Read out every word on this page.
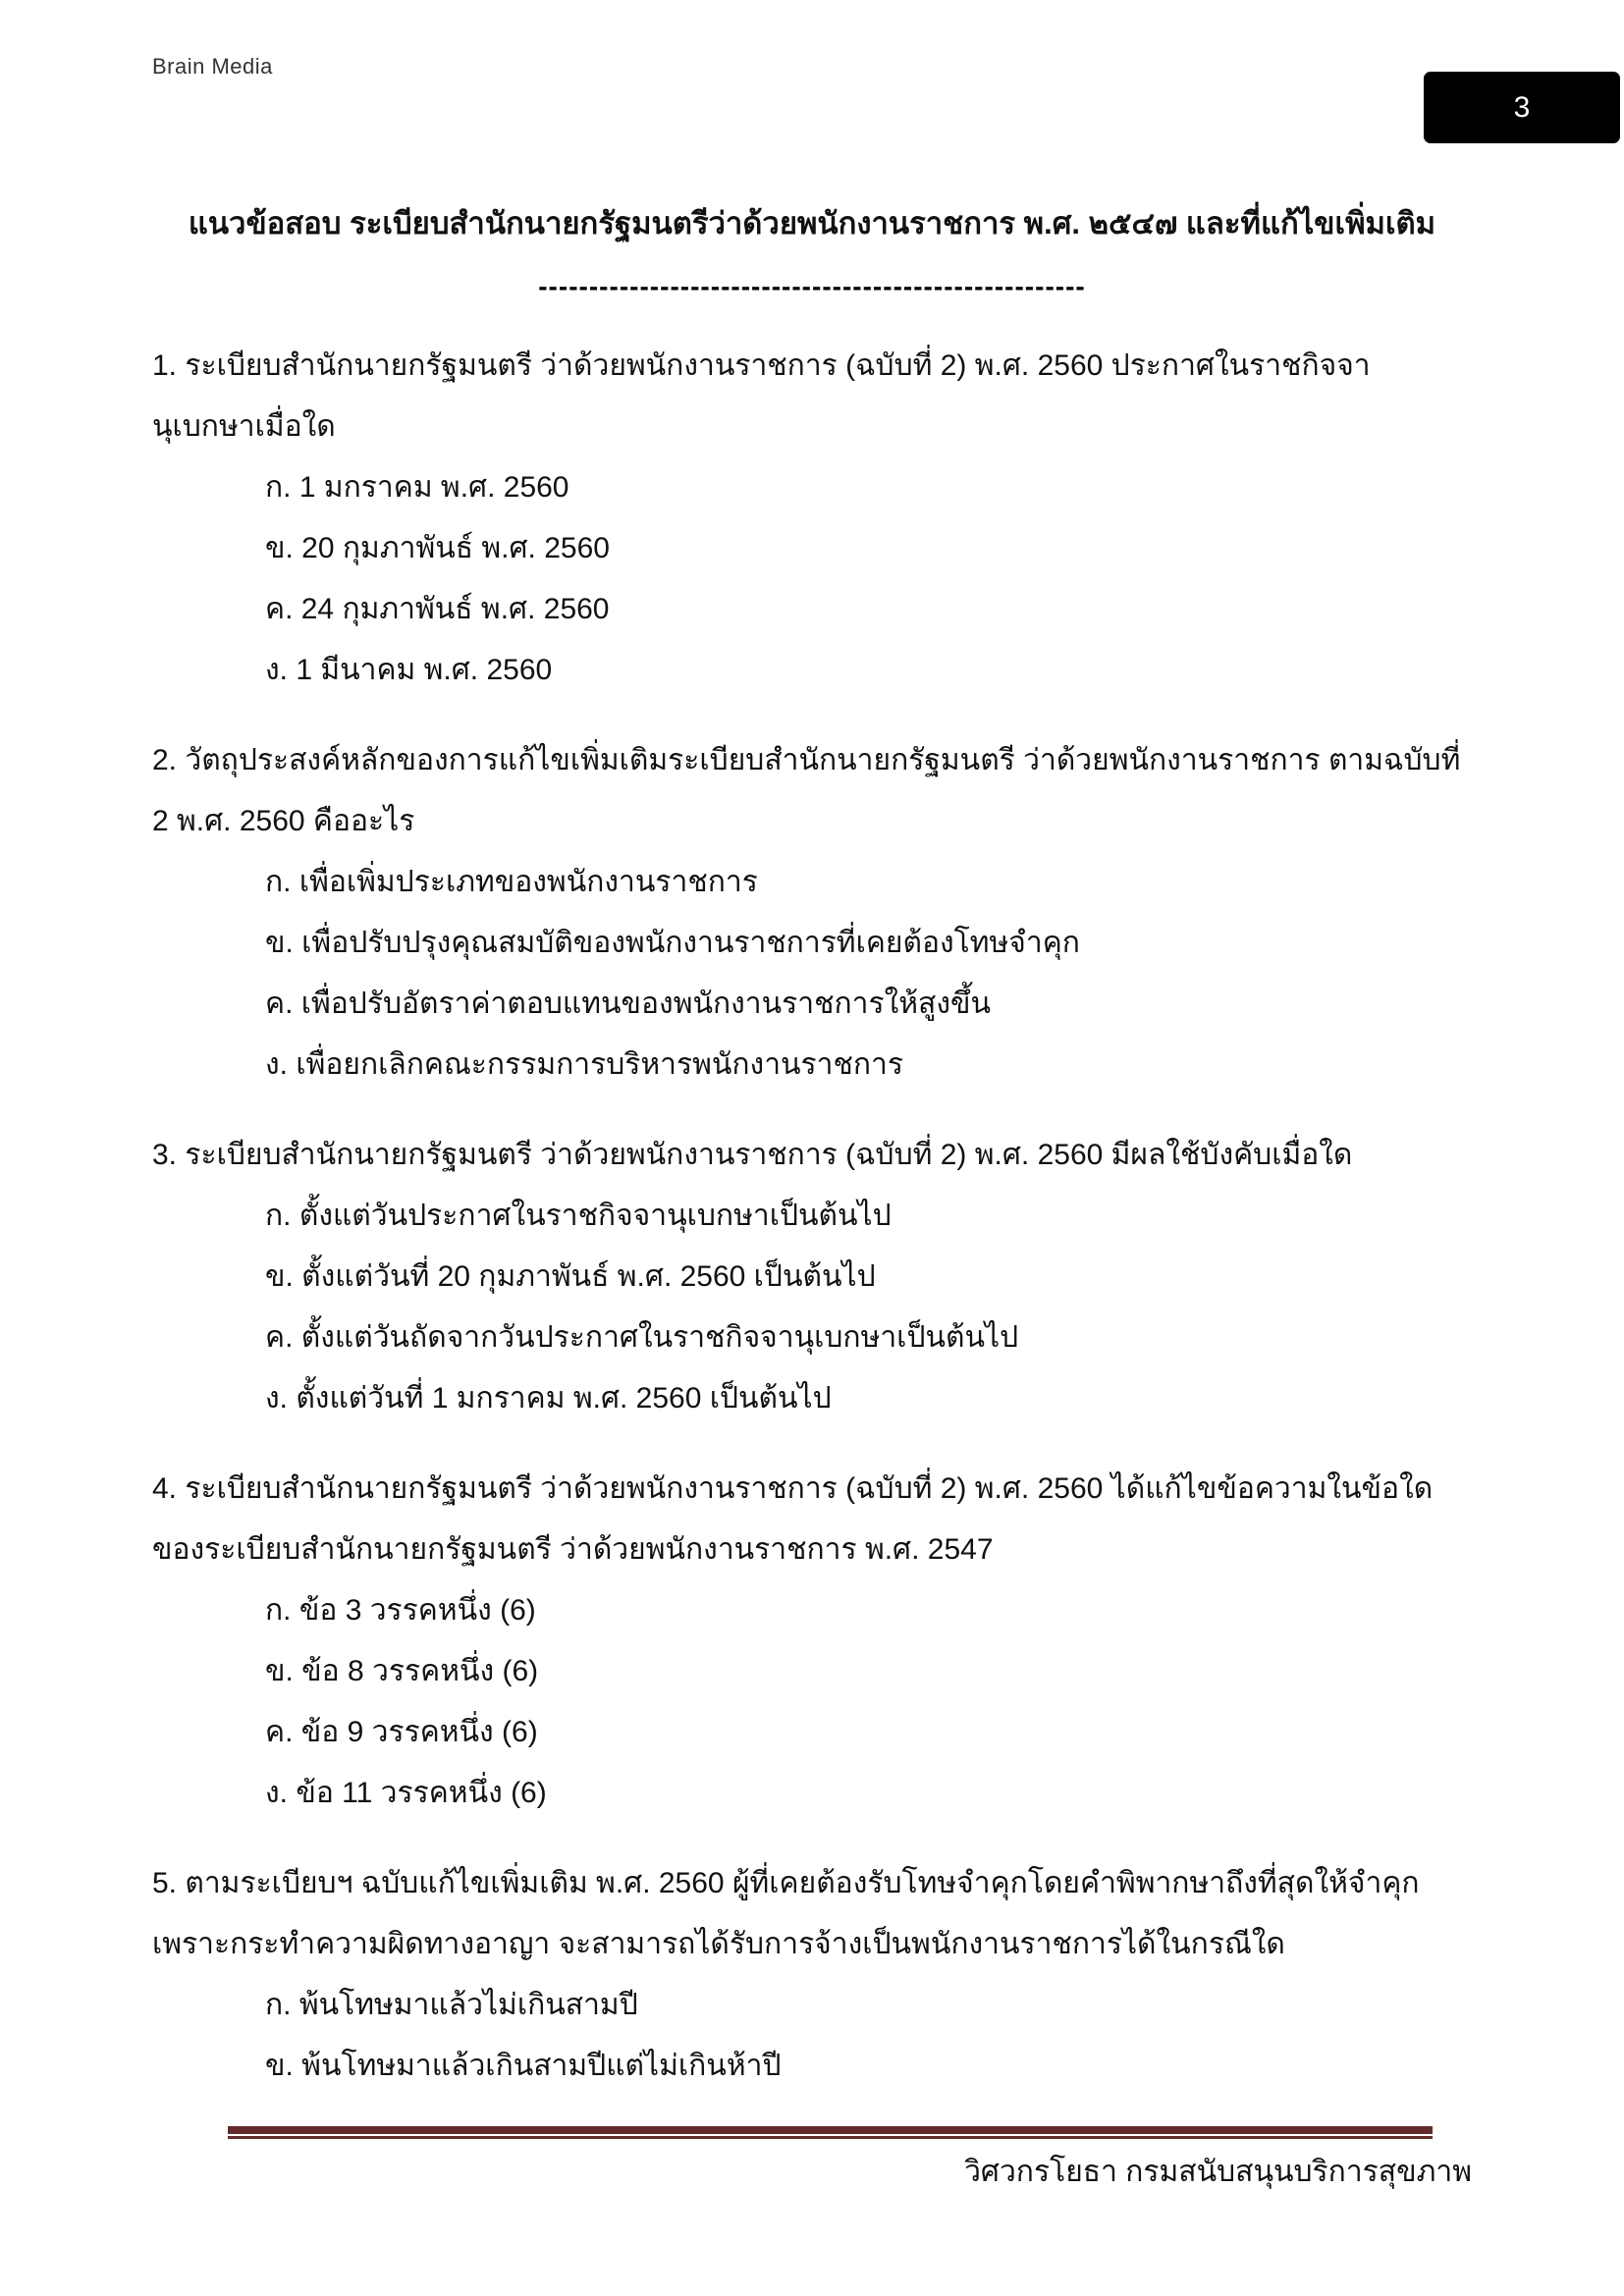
Brain Media
3
แนวข้อสอบ ระเบียบสำนักนายกรัฐมนตรีว่าด้วยพนักงานราชการ พ.ศ. ๒๕๔๗ และที่แก้ไขเพิ่มเติม
------------------------------------------------------

1. ระเบียบสำนักนายกรัฐมนตรี ว่าด้วยพนักงานราชการ (ฉบับที่ 2) พ.ศ. 2560 ประกาศในราชกิจจา

นุเบกษาเมื่อใด

ก. 1 มกราคม พ.ศ. 2560

ข. 20 กุมภาพันธ์ พ.ศ. 2560

ค. 24 กุมภาพันธ์ พ.ศ. 2560

ง. 1 มีนาคม พ.ศ. 2560

2. วัตถุประสงค์หลักของการแก้ไขเพิ่มเติมระเบียบสำนักนายกรัฐมนตรี ว่าด้วยพนักงานราชการ ตามฉบับที่

2 พ.ศ. 2560 คืออะไร

ก. เพื่อเพิ่มประเภทของพนักงานราชการ

ข. เพื่อปรับปรุงคุณสมบัติของพนักงานราชการที่เคยต้องโทษจำคุก

ค. เพื่อปรับอัตราค่าตอบแทนของพนักงานราชการให้สูงขึ้น

ง. เพื่อยกเลิกคณะกรรมการบริหารพนักงานราชการ

3. ระเบียบสำนักนายกรัฐมนตรี ว่าด้วยพนักงานราชการ (ฉบับที่ 2) พ.ศ. 2560 มีผลใช้บังคับเมื่อใด

ก. ตั้งแต่วันประกาศในราชกิจจานุเบกษาเป็นต้นไป

ข. ตั้งแต่วันที่ 20 กุมภาพันธ์ พ.ศ. 2560 เป็นต้นไป

ค. ตั้งแต่วันถัดจากวันประกาศในราชกิจจานุเบกษาเป็นต้นไป

ง. ตั้งแต่วันที่ 1 มกราคม พ.ศ. 2560 เป็นต้นไป

4. ระเบียบสำนักนายกรัฐมนตรี ว่าด้วยพนักงานราชการ (ฉบับที่ 2) พ.ศ. 2560 ได้แก้ไขข้อความในข้อใด

ของระเบียบสำนักนายกรัฐมนตรี ว่าด้วยพนักงานราชการ พ.ศ. 2547

ก. ข้อ 3 วรรคหนึ่ง (6)

ข. ข้อ 8 วรรคหนึ่ง (6)

ค. ข้อ 9 วรรคหนึ่ง (6)

ง. ข้อ 11 วรรคหนึ่ง (6)

5. ตามระเบียบฯ ฉบับแก้ไขเพิ่มเติม พ.ศ. 2560 ผู้ที่เคยต้องรับโทษจำคุกโดยคำพิพากษาถึงที่สุดให้จำคุก

เพราะกระทำความผิดทางอาญา จะสามารถได้รับการจ้างเป็นพนักงานราชการได้ในกรณีใด

ก. พ้นโทษมาแล้วไม่เกินสามปี

ข. พ้นโทษมาแล้วเกินสามปีแต่ไม่เกินห้าปี

วิศวกรโยธา กรมสนับสนุนบริการสุขภาพ
